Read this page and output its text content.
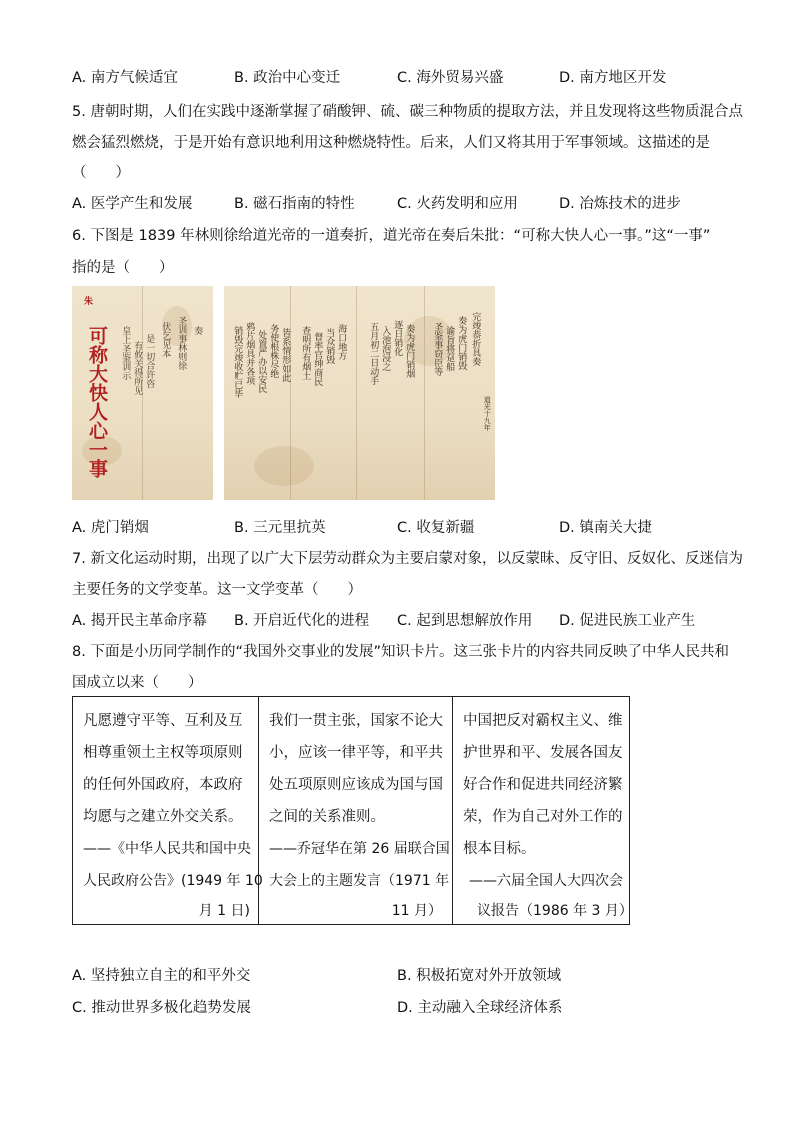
A. 南方气候适宜	B. 政治中心变迁	C. 海外贸易兴盛	D. 南方地区开发
5. 唐朝时期，人们在实践中逐渐掌握了硝酸钾、硫、碳三种物质的提取方法，并且发现将这些物质混合点
燃会猛烈燃烧，于是开始有意识地利用这种燃烧特性。后来，人们又将其用于军事领域。这描述的是
（　　）
A. 医学产生和发展	B. 磁石指南的特性	C. 火药发明和应用	D. 冶炼技术的进步
6. 下图是 1839 年林则徐给道光帝的一道奏折，道光帝在奏后朱批：“可称大快人心一事。”这“一事”
指的是（　　）
可称大快人心一事
朱
皇上圣鉴训示 有攸关得所见 是一切合许咨 伏乞见本 圣训事林则徐 奏	销毁完竣收贮已毕 鸦片烟具并各项 处置严办以安民 务使根株尽绝 皆系情形如此 查明所有烟土 督率官绅商民 当众销毁 海口地方 五月初二日动手 入池泡浸之 逐日销化 奏为虎门销烟 圣鉴事窃臣等 谕旨将趸船 奏为虎门销毁 完竣恭折具奏
道光十九年
A. 虎门销烟	B. 三元里抗英	C. 收复新疆	D. 镇南关大捷
7. 新文化运动时期，出现了以广大下层劳动群众为主要启蒙对象，以反蒙昧、反守旧、反奴化、反迷信为
主要任务的文学变革。这一文学变革（　　）
A. 揭开民主革命序幕 B. 开启近代化的进程 C. 起到思想解放作用 D. 促进民族工业产生
8. 下面是小历同学制作的“我国外交事业的发展”知识卡片。这三张卡片的内容共同反映了中华人民共和
国成立以来（　　）
凡愿遵守平等、互利及互相尊重领土主权等项原则的任何外国政府，本政府均愿与之建立外交关系。
——《中华人民共和国中央
人民政府公告》(1949 年 10
月 1 日)

我们一贯主张，国家不论大小，应该一律平等，和平共处五项原则应该成为国与国之间的关系准则。
——乔冠华在第 26 届联合国
大会上的主题发言（1971 年
11 月）

中国把反对霸权主义、维护世界和平、发展各国友好合作和促进共同经济繁荣，作为自己对外工作的根本目标。
——六届全国人大四次会
议报告（1986 年 3 月）
A. 坚持独立自主的和平外交	B. 积极拓宽对外开放领域
C. 推动世界多极化趋势发展	D. 主动融入全球经济体系
